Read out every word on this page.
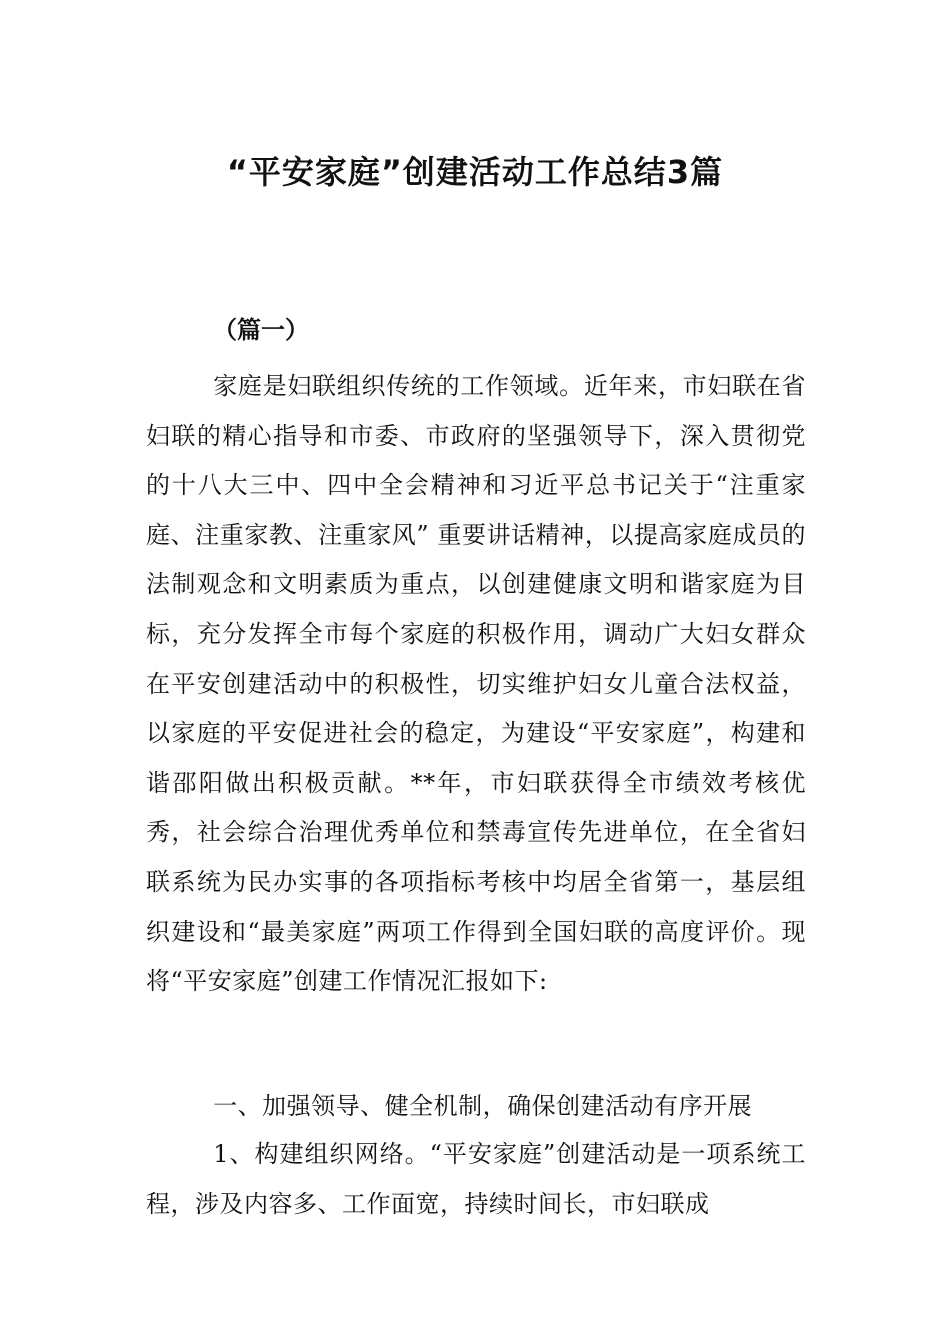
“平安家庭”创建活动工作总结3篇

（篇一）

家庭是妇联组织传统的工作领域。近年来，市妇联在省妇联的精心指导和市委、市政府的坚强领导下，深入贯彻党的十八大三中、四中全会精神和习近平总书记关于“注重家庭、注重家教、注重家风” 重要讲话精神，以提高家庭成员的法制观念和文明素质为重点，以创建健康文明和谐家庭为目标，充分发挥全市每个家庭的积极作用，调动广大妇女群众在平安创建活动中的积极性，切实维护妇女儿童合法权益，以家庭的平安促进社会的稳定，为建设“平安家庭”，构建和谐邵阳做出积极贡献。**年，市妇联获得全市绩效考核优秀，社会综合治理优秀单位和禁毒宣传先进单位，在全省妇联系统为民办实事的各项指标考核中均居全省第一，基层组织建设和“最美家庭”两项工作得到全国妇联的高度评价。现将“平安家庭”创建工作情况汇报如下:

一、加强领导、健全机制，确保创建活动有序开展

1、构建组织网络。“平安家庭”创建活动是一项系统工程，涉及内容多、工作面宽，持续时间长，市妇联成
